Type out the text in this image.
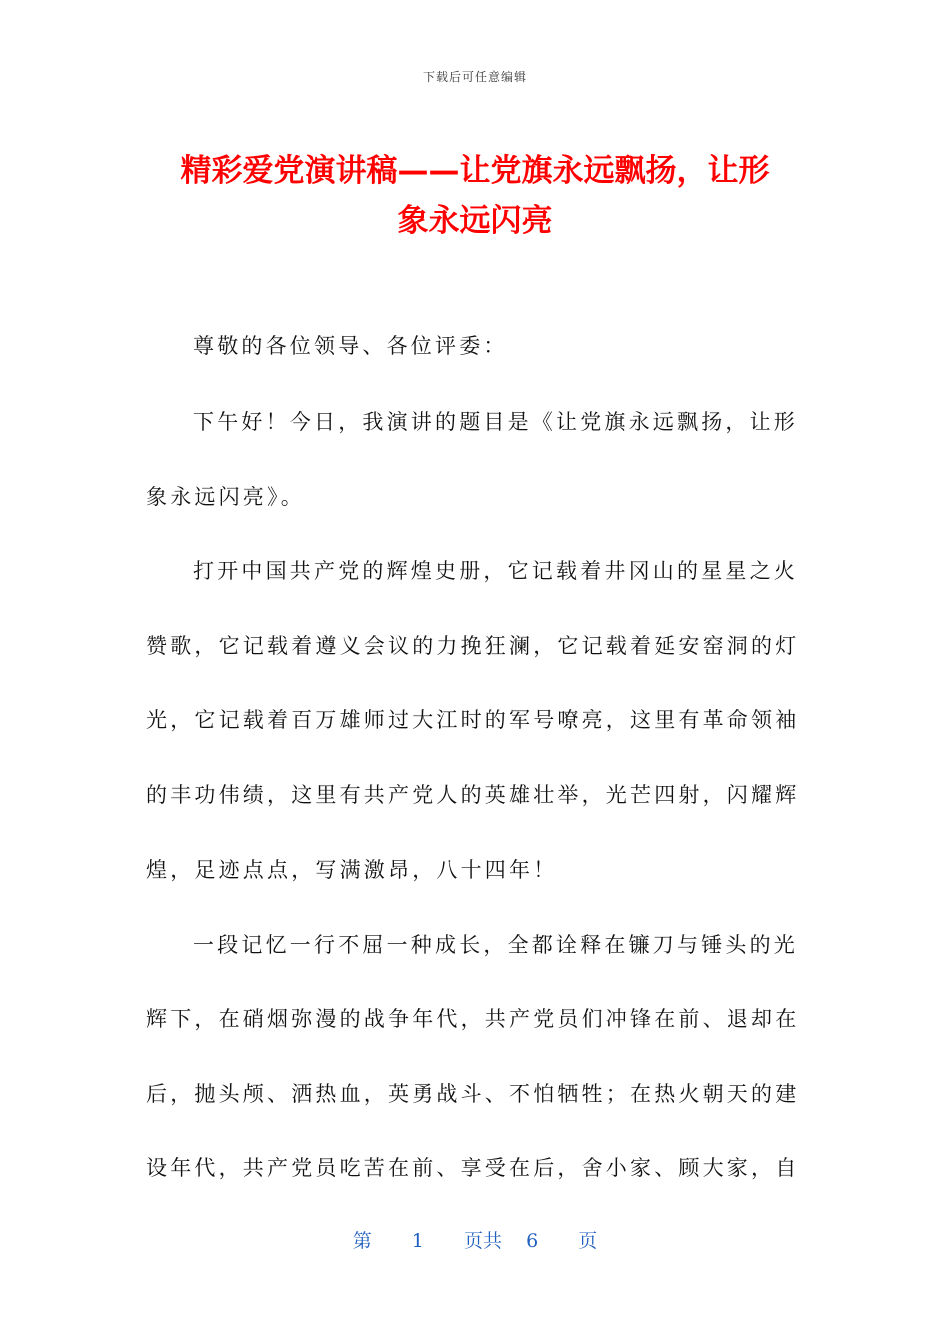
下载后可任意编辑
精彩爱党演讲稿——让党旗永远飘扬，让形
象永远闪亮
尊敬的各位领导、各位评委：
下午好！今日，我演讲的题目是《让党旗永远飘扬，让形
象永远闪亮》。
打开中国共产党的辉煌史册，它记载着井冈山的星星之火
赞歌，它记载着遵义会议的力挽狂澜，它记载着延安窑洞的灯
光，它记载着百万雄师过大江时的军号嘹亮，这里有革命领袖
的丰功伟绩，这里有共产党人的英雄壮举，光芒四射，闪耀辉
煌，足迹点点，写满激昂，八十四年！
一段记忆一行不屈一种成长，全都诠释在镰刀与锤头的光
辉下，在硝烟弥漫的战争年代，共产党员们冲锋在前、退却在
后，抛头颅、洒热血，英勇战斗、不怕牺牲；在热火朝天的建
设年代，共产党员吃苦在前、享受在后，舍小家、顾大家，自
第 1 页共 6 页
